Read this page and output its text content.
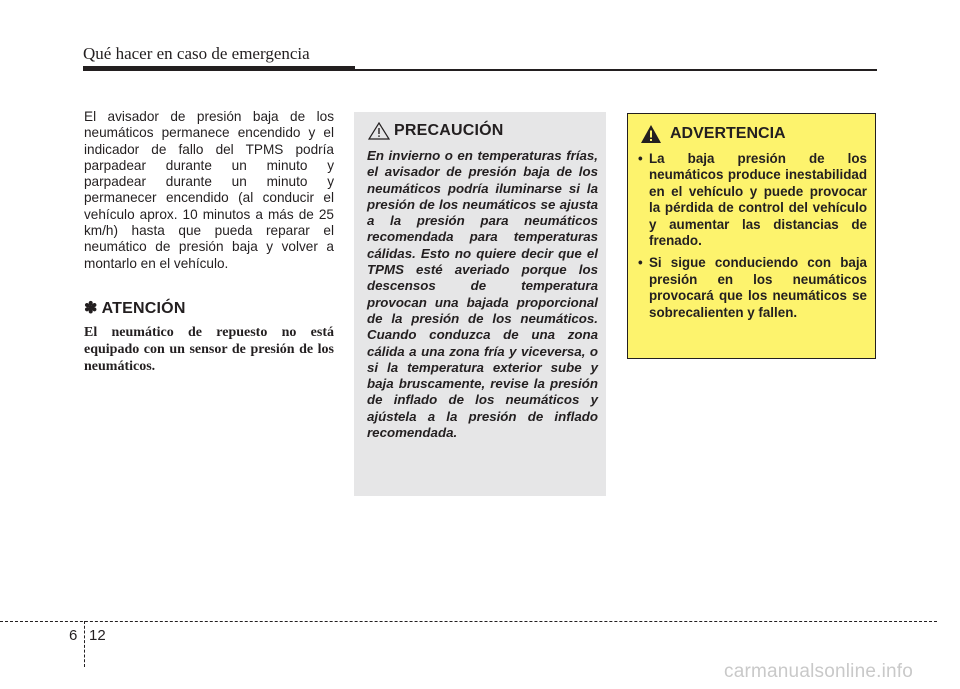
Qué hacer en caso de emergencia

El avisador de presión baja de los neumáticos permanece encendido y el indicador de fallo del TPMS podría parpadear durante un minuto y parpadear durante un minuto y permanecer encendido (al conducir el vehículo aprox. 10 minutos a más de 25 km/h) hasta que pueda reparar el neumático de presión baja y volver a montarlo en el vehículo.

✽ ATENCIÓN

El neumático de repuesto no está equipado con un sensor de presión de los neumáticos.

PRECAUCIÓN

En invierno o en temperaturas frías, el avisador de presión baja de los neumáticos podría iluminarse si la presión de los neumáticos se ajusta a la presión para neumáticos recomendada para temperaturas cálidas. Esto no quiere decir que el TPMS esté averiado porque los descensos de temperatura provocan una bajada proporcional de la presión de los neumáticos. Cuando conduzca de una zona cálida a una zona fría y viceversa, o si la temperatura exterior sube y baja bruscamente, revise la presión de inflado de los neumáticos y ajústela a la presión de inflado recomendada.

ADVERTENCIA
• La baja presión de los neumáticos produce inestabilidad en el vehículo y puede provocar la pérdida de control del vehículo y aumentar las distancias de frenado.
• Si sigue conduciendo con baja presión en los neumáticos provocará que los neumáticos se sobrecalienten y fallen.
6 12
carmanualsonline.info
